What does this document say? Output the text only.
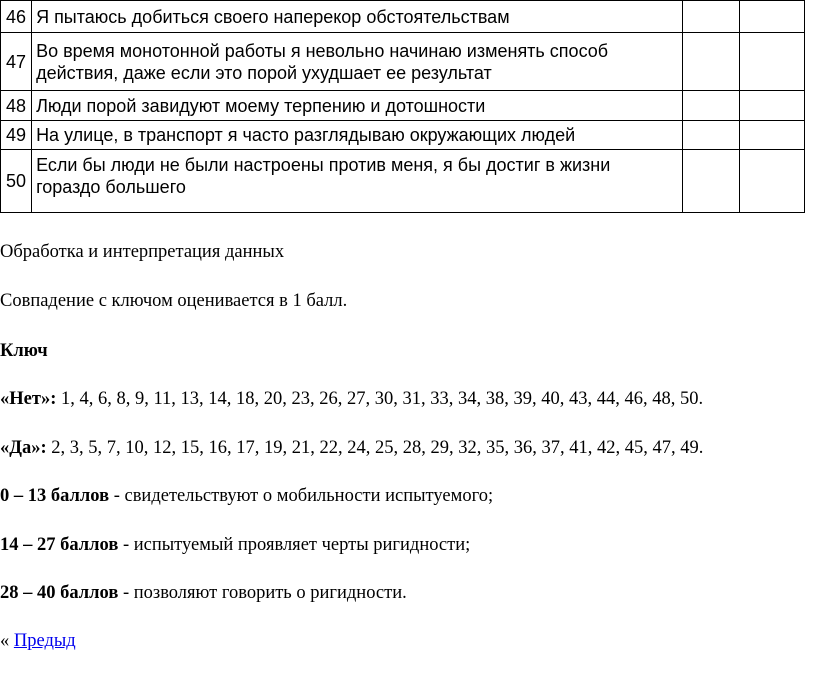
46	Я пытаюсь добиться своего наперекор обстоятельствам		
47	Во время монотонной работы я невольно начинаю изменять способ действия, даже если это порой ухудшает ее результат		
48	Люди порой завидуют моему терпению и дотошности		
49	На улице, в транспорт я часто разглядываю окружающих людей		
50	Если бы люди не были настроены против меня, я бы достиг в жизни гораздо большего		
Обработка и интерпретация данных
Совпадение с ключом оценивается в 1 балл.
Ключ
«Нет»: 1, 4, 6, 8, 9, 11, 13, 14, 18, 20, 23, 26, 27, 30, 31, 33, 34, 38, 39, 40, 43, 44, 46, 48, 50.
«Да»: 2, 3, 5, 7, 10, 12, 15, 16, 17, 19, 21, 22, 24, 25, 28, 29, 32, 35, 36, 37, 41, 42, 45, 47, 49.
0 – 13 баллов - свидетельствуют о мобильности испытуемого;
14 – 27 баллов - испытуемый проявляет черты ригидности;
28 – 40 баллов - позволяют говорить о ригидности.
« Предыд
